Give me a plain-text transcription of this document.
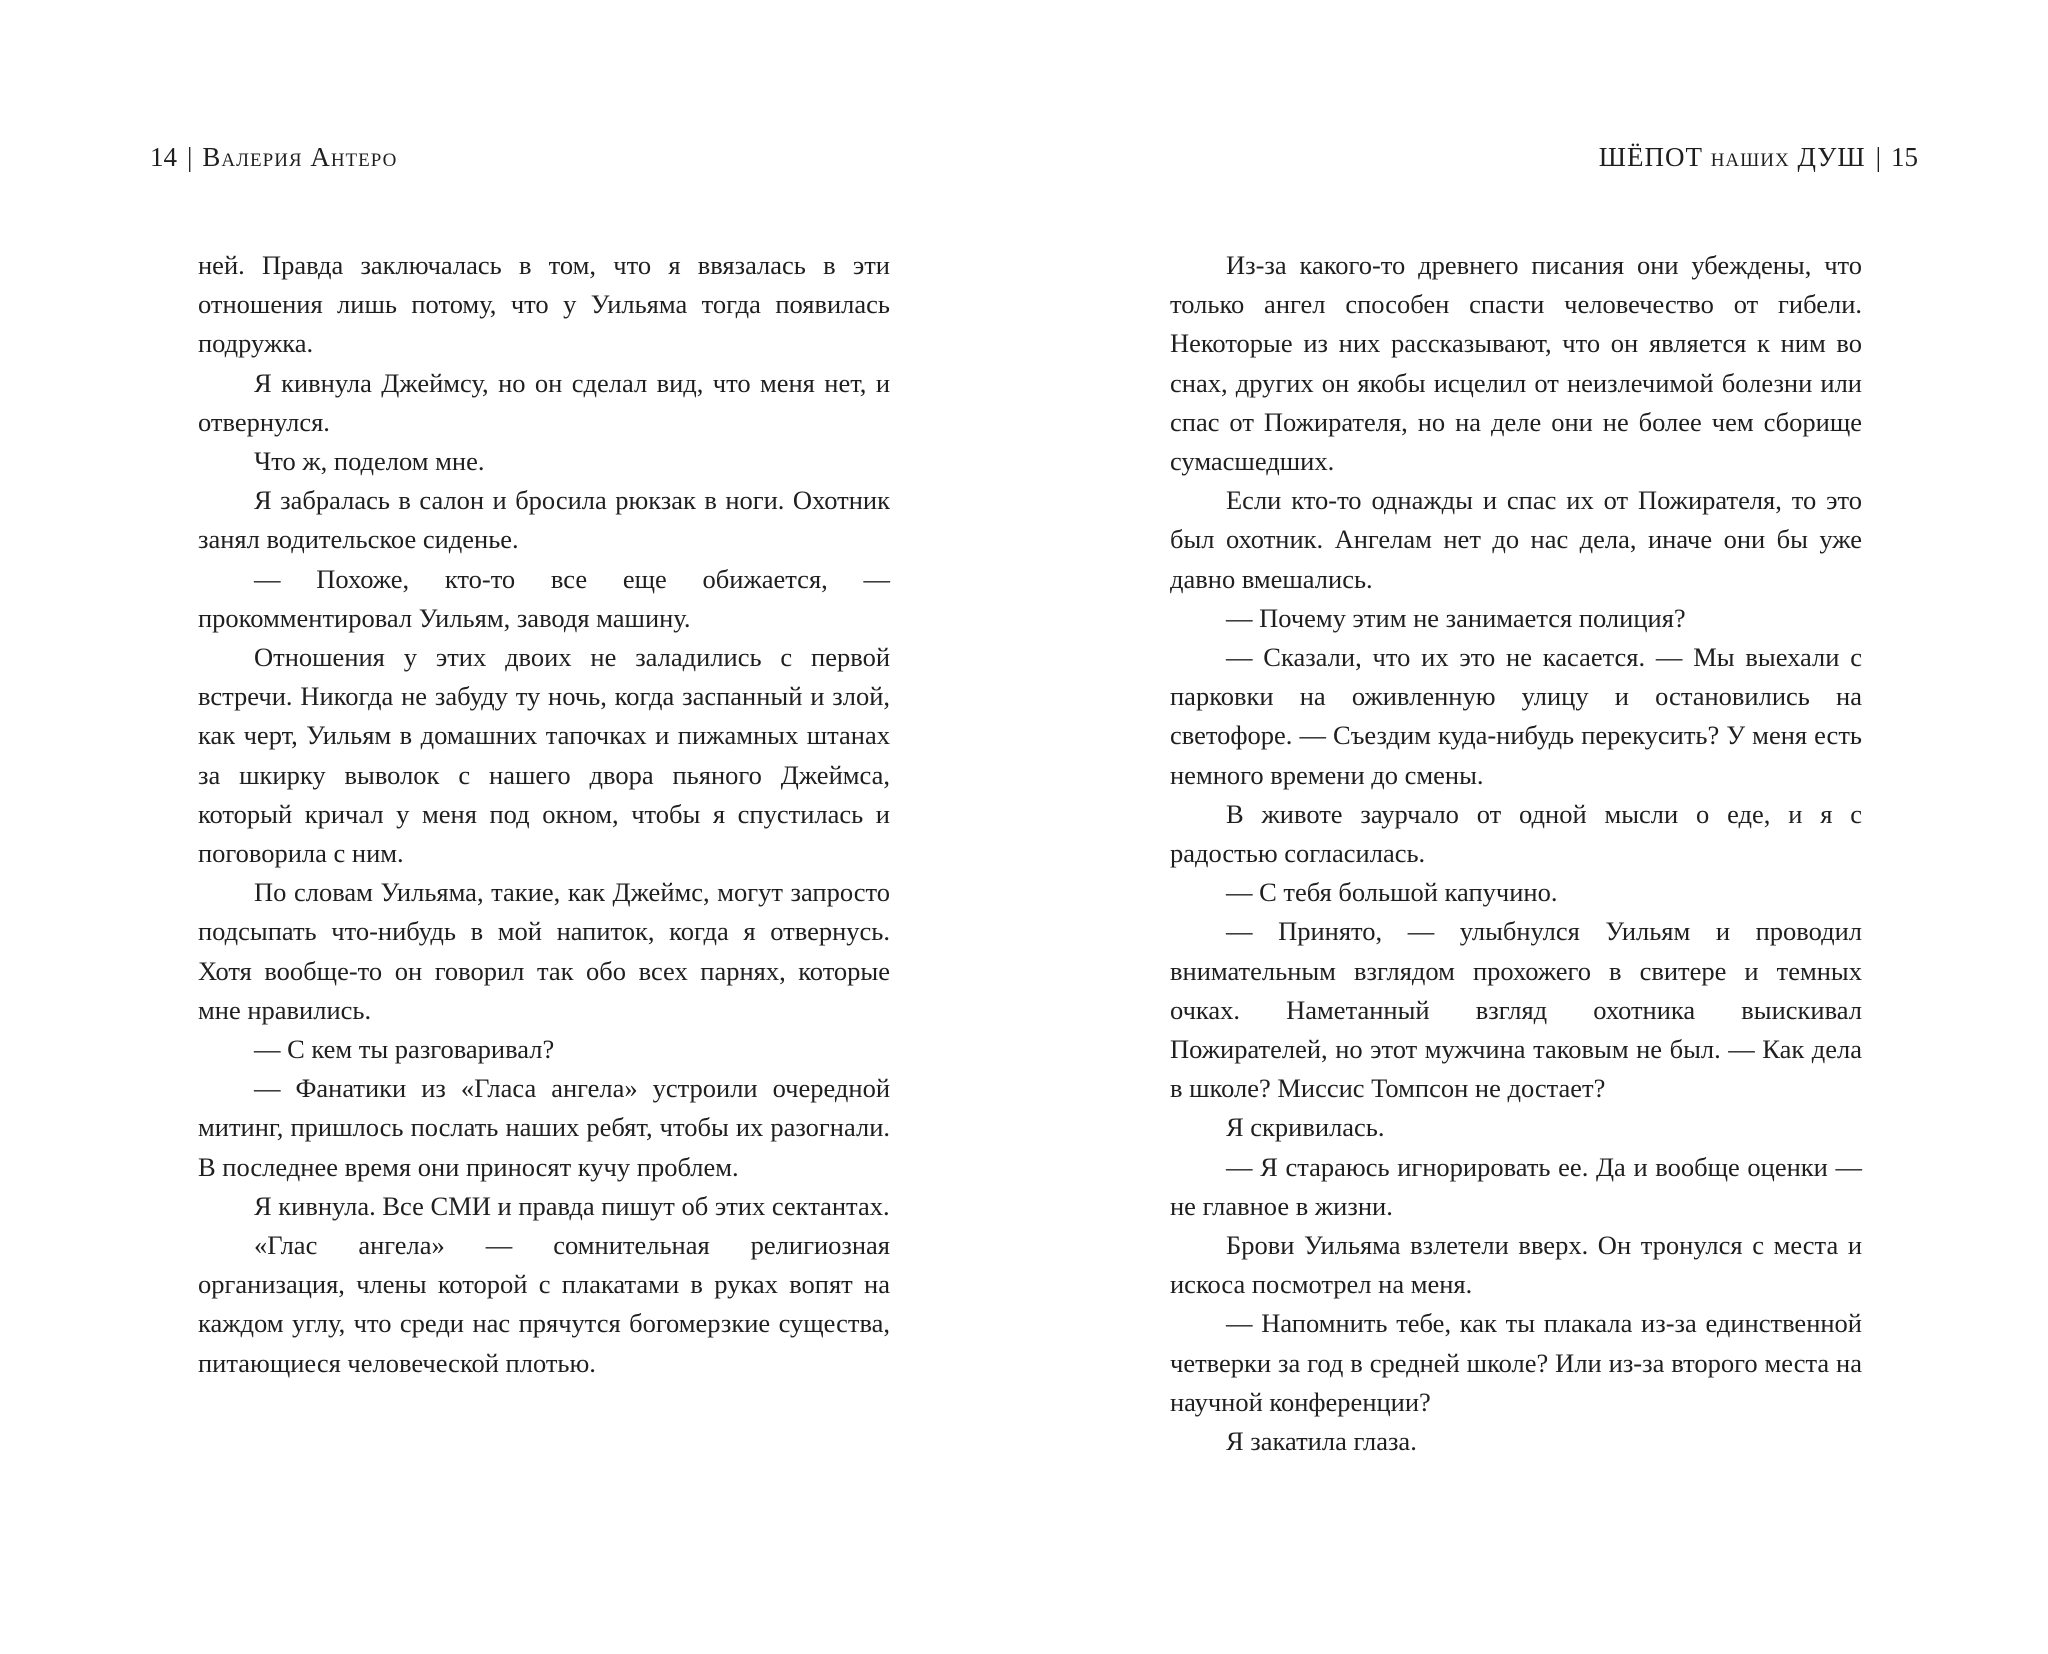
14 | Валерия Антеро	ШЁПОТ наших ДУШ | 15

ней. Правда заключалась в том, что я ввязалась в эти отношения лишь потому, что у Уильяма тогда появилась подружка.

Я кивнула Джеймсу, но он сделал вид, что меня нет, и отвернулся.

Что ж, поделом мне.

Я забралась в салон и бросила рюкзак в ноги. Охотник занял водительское сиденье.

— Похоже, кто-то все еще обижается, — прокомментировал Уильям, заводя машину.

Отношения у этих двоих не заладились с первой встречи. Никогда не забуду ту ночь, когда заспанный и злой, как черт, Уильям в домашних тапочках и пижамных штанах за шкирку выволок с нашего двора пьяного Джеймса, который кричал у меня под окном, чтобы я спустилась и поговорила с ним.

По словам Уильяма, такие, как Джеймс, могут запросто подсыпать что-нибудь в мой напиток, когда я отвернусь. Хотя вообще-то он говорил так обо всех парнях, которые мне нравились.

— С кем ты разговаривал?

— Фанатики из «Гласа ангела» устроили очередной митинг, пришлось послать наших ребят, чтобы их разогнали. В последнее время они приносят кучу проблем.

Я кивнула. Все СМИ и правда пишут об этих сектантах.

«Глас ангела» — сомнительная религиозная организация, члены которой с плакатами в руках вопят на каждом углу, что среди нас прячутся богомерзкие существа, питающиеся человеческой плотью.

Из-за какого-то древнего писания они убеждены, что только ангел способен спасти человечество от гибели. Некоторые из них рассказывают, что он является к ним во снах, других он якобы исцелил от неизлечимой болезни или спас от Пожирателя, но на деле они не более чем сборище сумасшедших.

Если кто-то однажды и спас их от Пожирателя, то это был охотник. Ангелам нет до нас дела, иначе они бы уже давно вмешались.

— Почему этим не занимается полиция?

— Сказали, что их это не касается. — Мы выехали с парковки на оживленную улицу и остановились на светофоре. — Съездим куда-нибудь перекусить? У меня есть немного времени до смены.

В животе заурчало от одной мысли о еде, и я с радостью согласилась.

— С тебя большой капучино.

— Принято, — улыбнулся Уильям и проводил внимательным взглядом прохожего в свитере и темных очках. Наметанный взгляд охотника выискивал Пожирателей, но этот мужчина таковым не был. — Как дела в школе? Миссис Томпсон не достает?

Я скривилась.

— Я стараюсь игнорировать ее. Да и вообще оценки — не главное в жизни.

Брови Уильяма взлетели вверх. Он тронулся с места и искоса посмотрел на меня.

— Напомнить тебе, как ты плакала из-за единственной четверки за год в средней школе? Или из-за второго места на научной конференции?

Я закатила глаза.
